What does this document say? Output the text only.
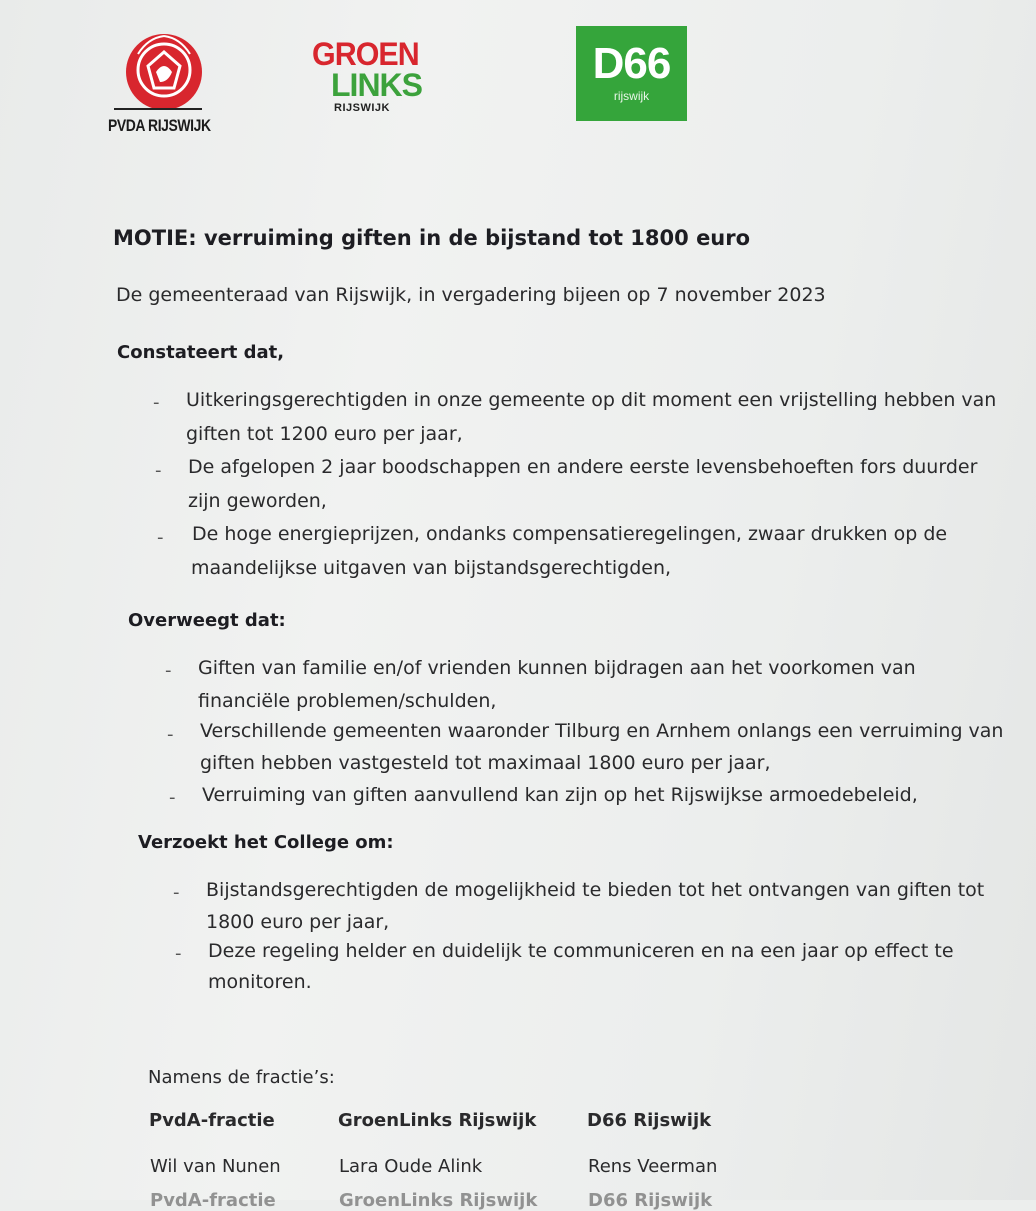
PVDA RIJSWIJK
GROEN
LINKS
RIJSWIJK
D66
rijswijk
MOTIE: verruiming giften in de bijstand tot 1800 euro
De gemeenteraad van Rijswijk, in vergadering bijeen op 7 november 2023
Constateert dat,
- Uitkeringsgerechtigden in onze gemeente op dit moment een vrijstelling hebben van
giften tot 1200 euro per jaar,
- De afgelopen 2 jaar boodschappen en andere eerste levensbehoeften fors duurder
zijn geworden,
- De hoge energieprijzen, ondanks compensatieregelingen, zwaar drukken op de
maandelijkse uitgaven van bijstandsgerechtigden,
Overweegt dat:
- Giften van familie en/of vrienden kunnen bijdragen aan het voorkomen van
financiële problemen/schulden,
- Verschillende gemeenten waaronder Tilburg en Arnhem onlangs een verruiming van
giften hebben vastgesteld tot maximaal 1800 euro per jaar,
- Verruiming van giften aanvullend kan zijn op het Rijswijkse armoedebeleid,
Verzoekt het College om:
- Bijstandsgerechtigden de mogelijkheid te bieden tot het ontvangen van giften tot
1800 euro per jaar,
- Deze regeling helder en duidelijk te communiceren en na een jaar op effect te
monitoren.
Namens de fractie’s:
PvdA-fractie	GroenLinks Rijswijk	D66 Rijswijk
Wil van Nunen	Lara Oude Alink	Rens Veerman
PvdA-fractie	GroenLinks Rijswijk	D66 Rijswijk
